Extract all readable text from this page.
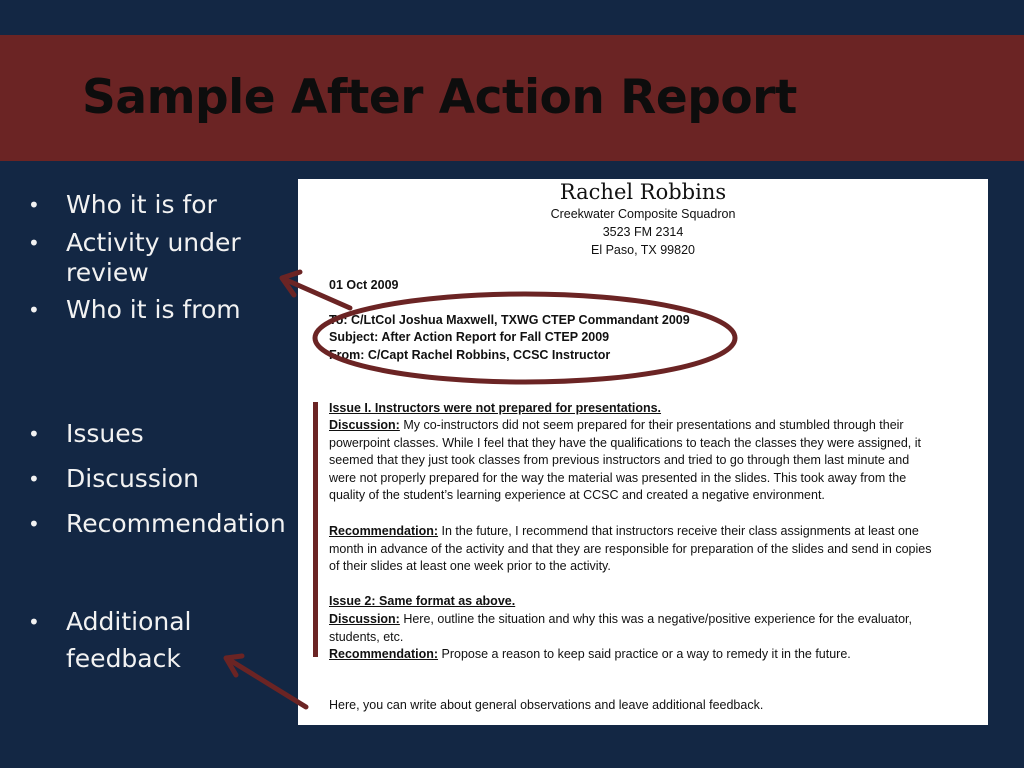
Sample After Action Report
• Who it is for
• Activity under
review
• Who it is from
• Issues
• Discussion
• Recommendation
• Additional
feedback
Rachel Robbins
Creekwater Composite Squadron
3523 FM 2314
El Paso, TX 99820
01 Oct 2009
To: C/LtCol Joshua Maxwell, TXWG CTEP Commandant 2009
Subject: After Action Report for Fall CTEP 2009
From: C/Capt Rachel Robbins, CCSC Instructor
Issue I. Instructors were not prepared for presentations.

Discussion: My co-instructors did not seem prepared for their presentations and stumbled through their powerpoint classes. While I feel that they have the qualifications to teach the classes they were assigned, it seemed that they just took classes from previous instructors and tried to go through them last minute and were not properly prepared for the way the material was presented in the slides. This took away from the quality of the student’s learning experience at CCSC and created a negative environment.

Recommendation: In the future, I recommend that instructors receive their class assignments at least one month in advance of the activity and that they are responsible for preparation of the slides and send in copies of their slides at least one week prior to the activity.

Issue 2: Same format as above.

Discussion: Here, outline the situation and why this was a negative/positive experience for the evaluator, students, etc.

Recommendation: Propose a reason to keep said practice or a way to remedy it in the future.

Here, you can write about general observations and leave additional feedback.
